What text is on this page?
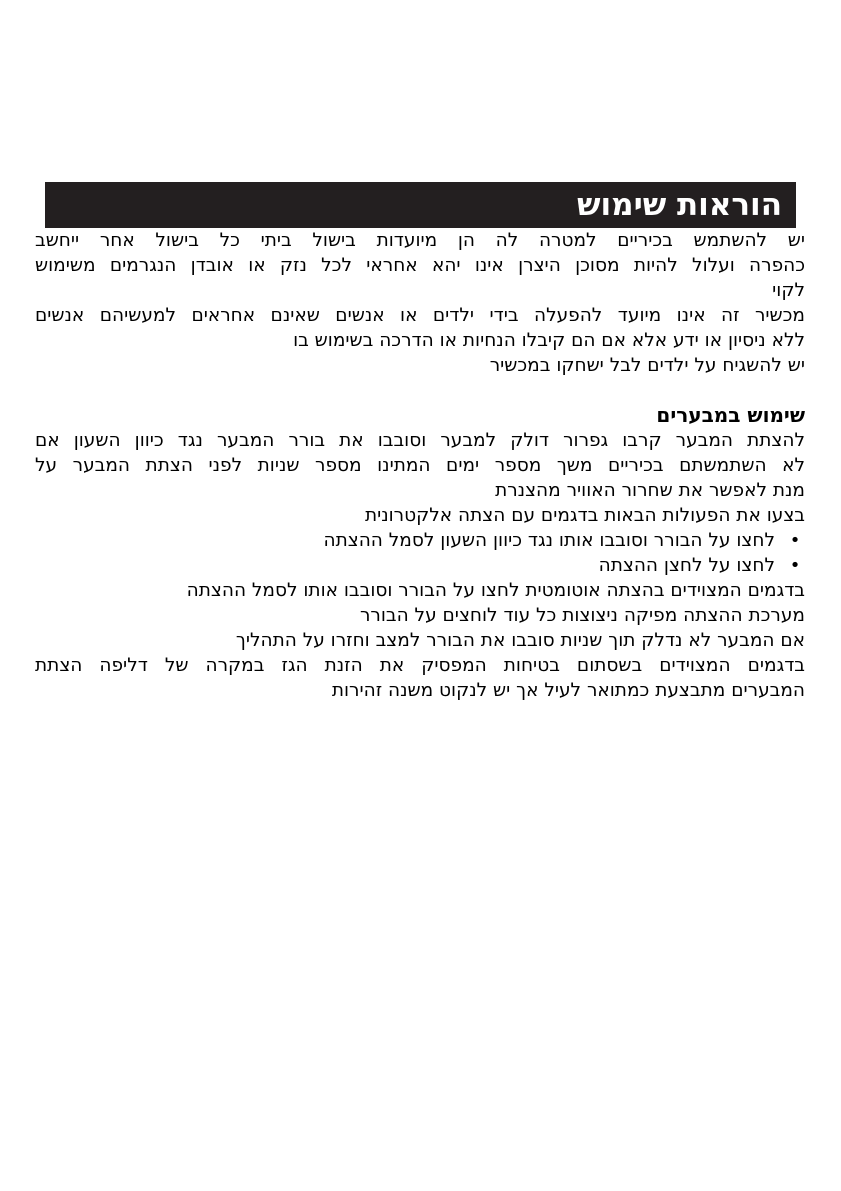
הוראות שימוש
יש להשתמש בכיריים למטרה לה הן מיועדות בישול ביתי כל בישול אחר ייחשב
כהפרה ועלול להיות מסוכן היצרן אינו יהא אחראי לכל נזק או אובדן הנגרמים משימוש
לקוי
מכשיר זה אינו מיועד להפעלה בידי ילדים או אנשים שאינם אחראים למעשיהם אנשים
ללא ניסיון או ידע אלא אם הם קיבלו הנחיות או הדרכה בשימוש בו
יש להשגיח על ילדים לבל ישחקו במכשיר
שימוש במבערים
להצתת המבער קרבו גפרור דולק למבער וסובבו את בורר המבער נגד כיוון השעון אם
לא השתמשתם בכיריים משך מספר ימים המתינו מספר שניות לפני הצתת המבער על
מנת לאפשר את שחרור האוויר מהצנרת
בצעו את הפעולות הבאות בדגמים עם הצתה אלקטרונית
•
לחצו על הבורר וסובבו אותו נגד כיוון השעון לסמל ההצתה
•
לחצו על לחצן ההצתה
בדגמים המצוידים בהצתה אוטומטית לחצו על הבורר וסובבו אותו לסמל ההצתה
מערכת ההצתה מפיקה ניצוצות כל עוד לוחצים על הבורר
אם המבער לא נדלק תוך שניות סובבו את הבורר למצב וחזרו על התהליך
בדגמים המצוידים בשסתום בטיחות המפסיק את הזנת הגז במקרה של דליפה הצתת
המבערים מתבצעת כמתואר לעיל אך יש לנקוט משנה זהירות
